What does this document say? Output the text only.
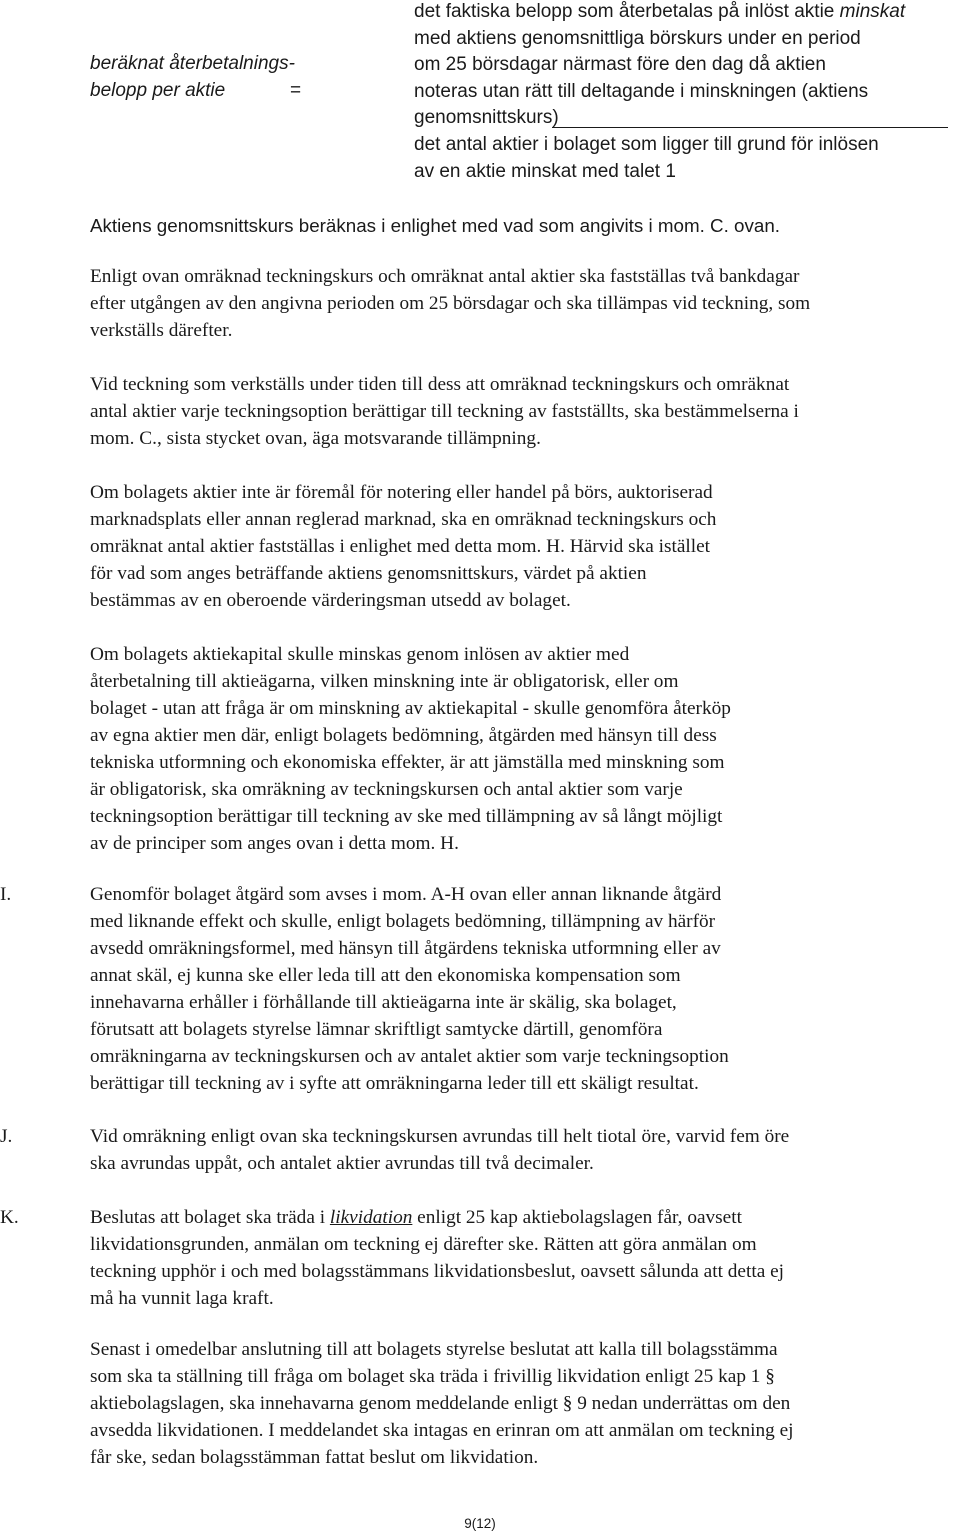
beräknat återbetalnings-
belopp per aktie	=
det faktiska belopp som återbetalas på inlöst aktie minskat
med aktiens genomsnittliga börskurs under en period
om 25 börsdagar närmast före den dag då aktien
noteras utan rätt till deltagande i minskningen (aktiens
genomsnittskurs)
det antal aktier i bolaget som ligger till grund för inlösen
av en aktie minskat med talet 1
Aktiens genomsnittskurs beräknas i enlighet med vad som angivits i mom. C. ovan.
Enligt ovan omräknad teckningskurs och omräknat antal aktier ska fastställas två bankdagar
efter utgången av den angivna perioden om 25 börsdagar och ska tillämpas vid teckning, som
verkställs därefter.
Vid teckning som verkställs under tiden till dess att omräknad teckningskurs och omräknat
antal aktier varje teckningsoption berättigar till teckning av fastställts, ska bestämmelserna i
mom. C., sista stycket ovan, äga motsvarande tillämpning.
Om bolagets aktier inte är föremål för notering eller handel på börs, auktoriserad
marknadsplats eller annan reglerad marknad, ska en omräknad teckningskurs och
omräknat antal aktier fastställas i enlighet med detta mom. H. Härvid ska istället
för vad som anges beträffande aktiens genomsnittskurs, värdet på aktien
bestämmas av en oberoende värderingsman utsedd av bolaget.
Om bolagets aktiekapital skulle minskas genom inlösen av aktier med
återbetalning till aktieägarna, vilken minskning inte är obligatorisk, eller om
bolaget - utan att fråga är om minskning av aktiekapital - skulle genomföra återköp
av egna aktier men där, enligt bolagets bedömning, åtgärden med hänsyn till dess
tekniska utformning och ekonomiska effekter, är att jämställa med minskning som
är obligatorisk, ska omräkning av teckningskursen och antal aktier som varje
teckningsoption berättigar till teckning av ske med tillämpning av så långt möjligt
av de principer som anges ovan i detta mom. H.
I.	Genomför bolaget åtgärd som avses i mom. A-H ovan eller annan liknande åtgärd
med liknande effekt och skulle, enligt bolagets bedömning, tillämpning av härför
avsedd omräkningsformel, med hänsyn till åtgärdens tekniska utformning eller av
annat skäl, ej kunna ske eller leda till att den ekonomiska kompensation som
innehavarna erhåller i förhållande till aktieägarna inte är skälig, ska bolaget,
förutsatt att bolagets styrelse lämnar skriftligt samtycke därtill, genomföra
omräkningarna av teckningskursen och av antalet aktier som varje teckningsoption
berättigar till teckning av i syfte att omräkningarna leder till ett skäligt resultat.
J.	Vid omräkning enligt ovan ska teckningskursen avrundas till helt tiotal öre, varvid fem öre
ska avrundas uppåt, och antalet aktier avrundas till två decimaler.
K.	Beslutas att bolaget ska träda i likvidation enligt 25 kap aktiebolagslagen får, oavsett
likvidationsgrunden, anmälan om teckning ej därefter ske. Rätten att göra anmälan om
teckning upphör i och med bolagsstämmans likvidationsbeslut, oavsett sålunda att detta ej
må ha vunnit laga kraft.
Senast i omedelbar anslutning till att bolagets styrelse beslutat att kalla till bolagsstämma
som ska ta ställning till fråga om bolaget ska träda i frivillig likvidation enligt 25 kap 1 §
aktiebolagslagen, ska innehavarna genom meddelande enligt § 9 nedan underrättas om den
avsedda likvidationen. I meddelandet ska intagas en erinran om att anmälan om teckning ej
får ske, sedan bolagsstämman fattat beslut om likvidation.
9(12)
